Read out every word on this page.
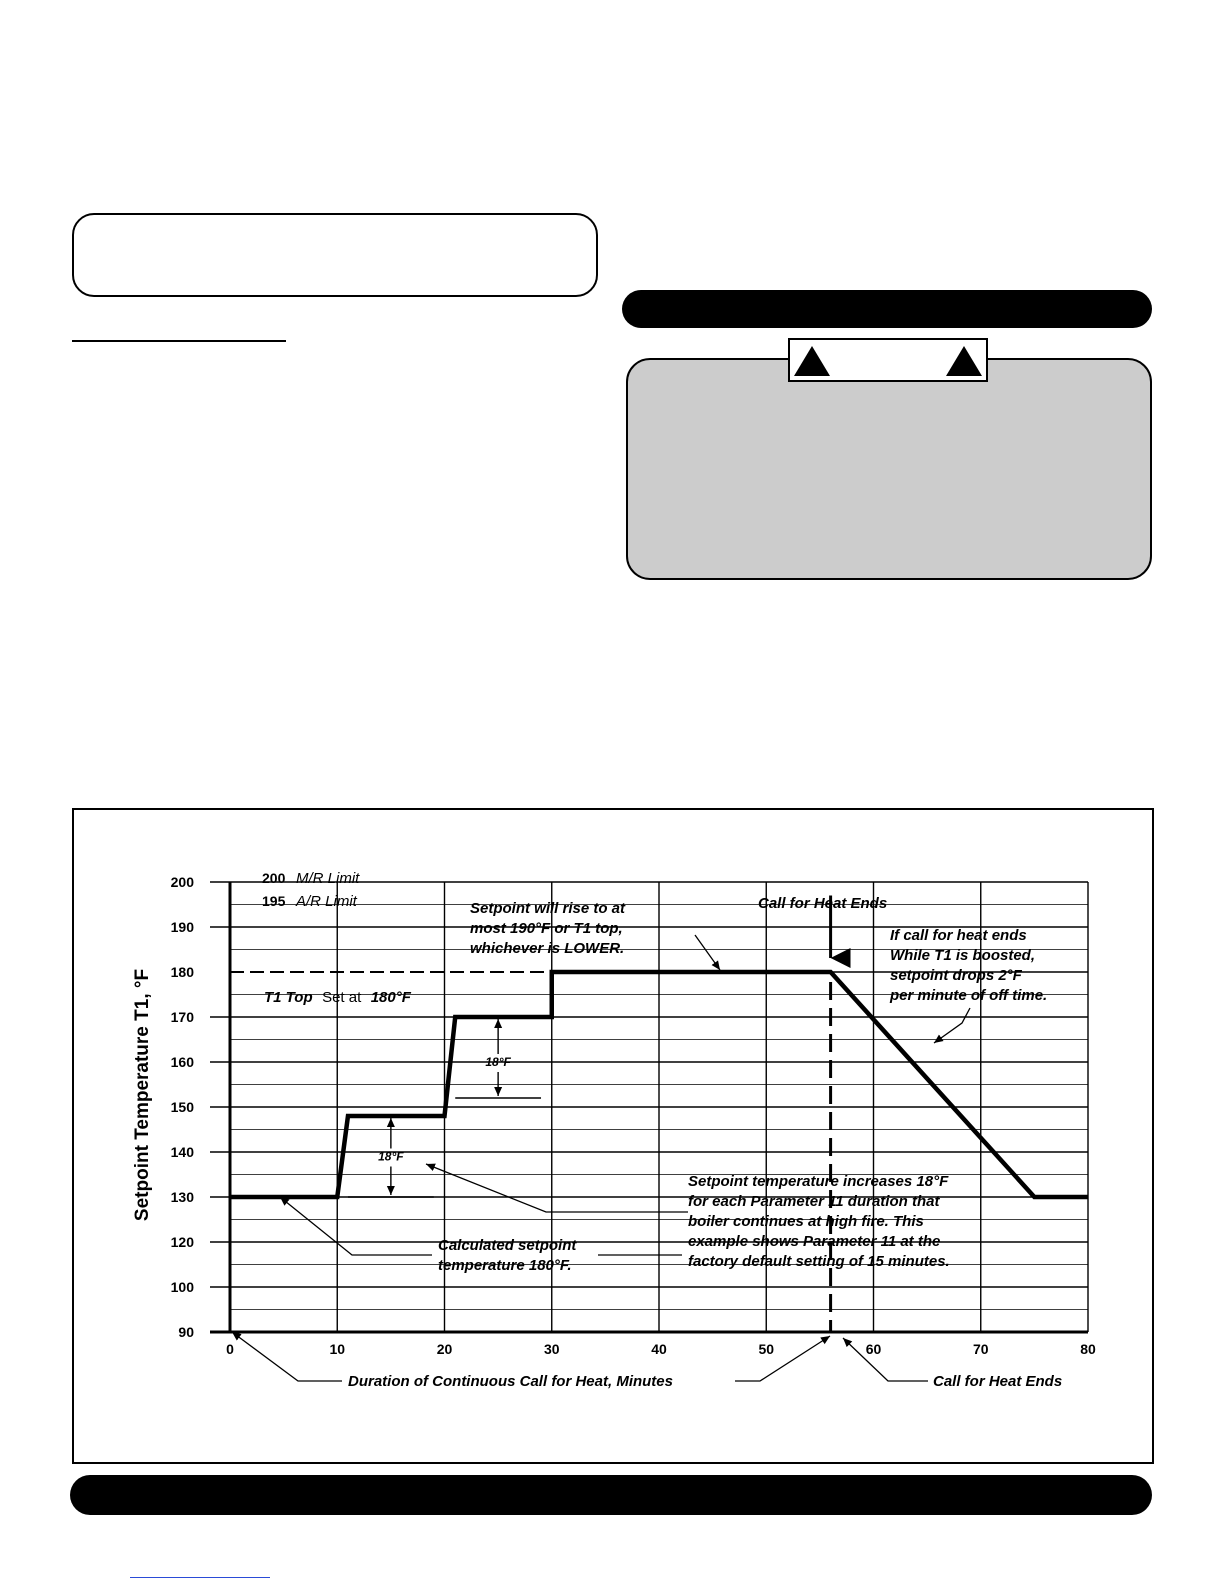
Setpoint Temperature T1, °F
200 M/R Limit
195 A/R Limit
T1 Top Set at 180°F
Setpoint will rise to at
most 190°F or T1 top,
whichever is LOWER.
Call for Heat Ends
If call for heat ends
While T1 is boosted,
setpoint drops 2°F
per minute of off time.
Setpoint temperature increases 18°F
for each Parameter 11 duration that
boiler continues at high fire. This
example shows Parameter 11 at the
factory default setting of 15 minutes.
Calculated setpoint
temperature 180°F.
Duration of Continuous Call for Heat, Minutes	Call for Heat Ends
90
100
120
130
140
150
160
170
180
190
200
0	10	20	30	40	50	60	70	80
18°F
18°F
